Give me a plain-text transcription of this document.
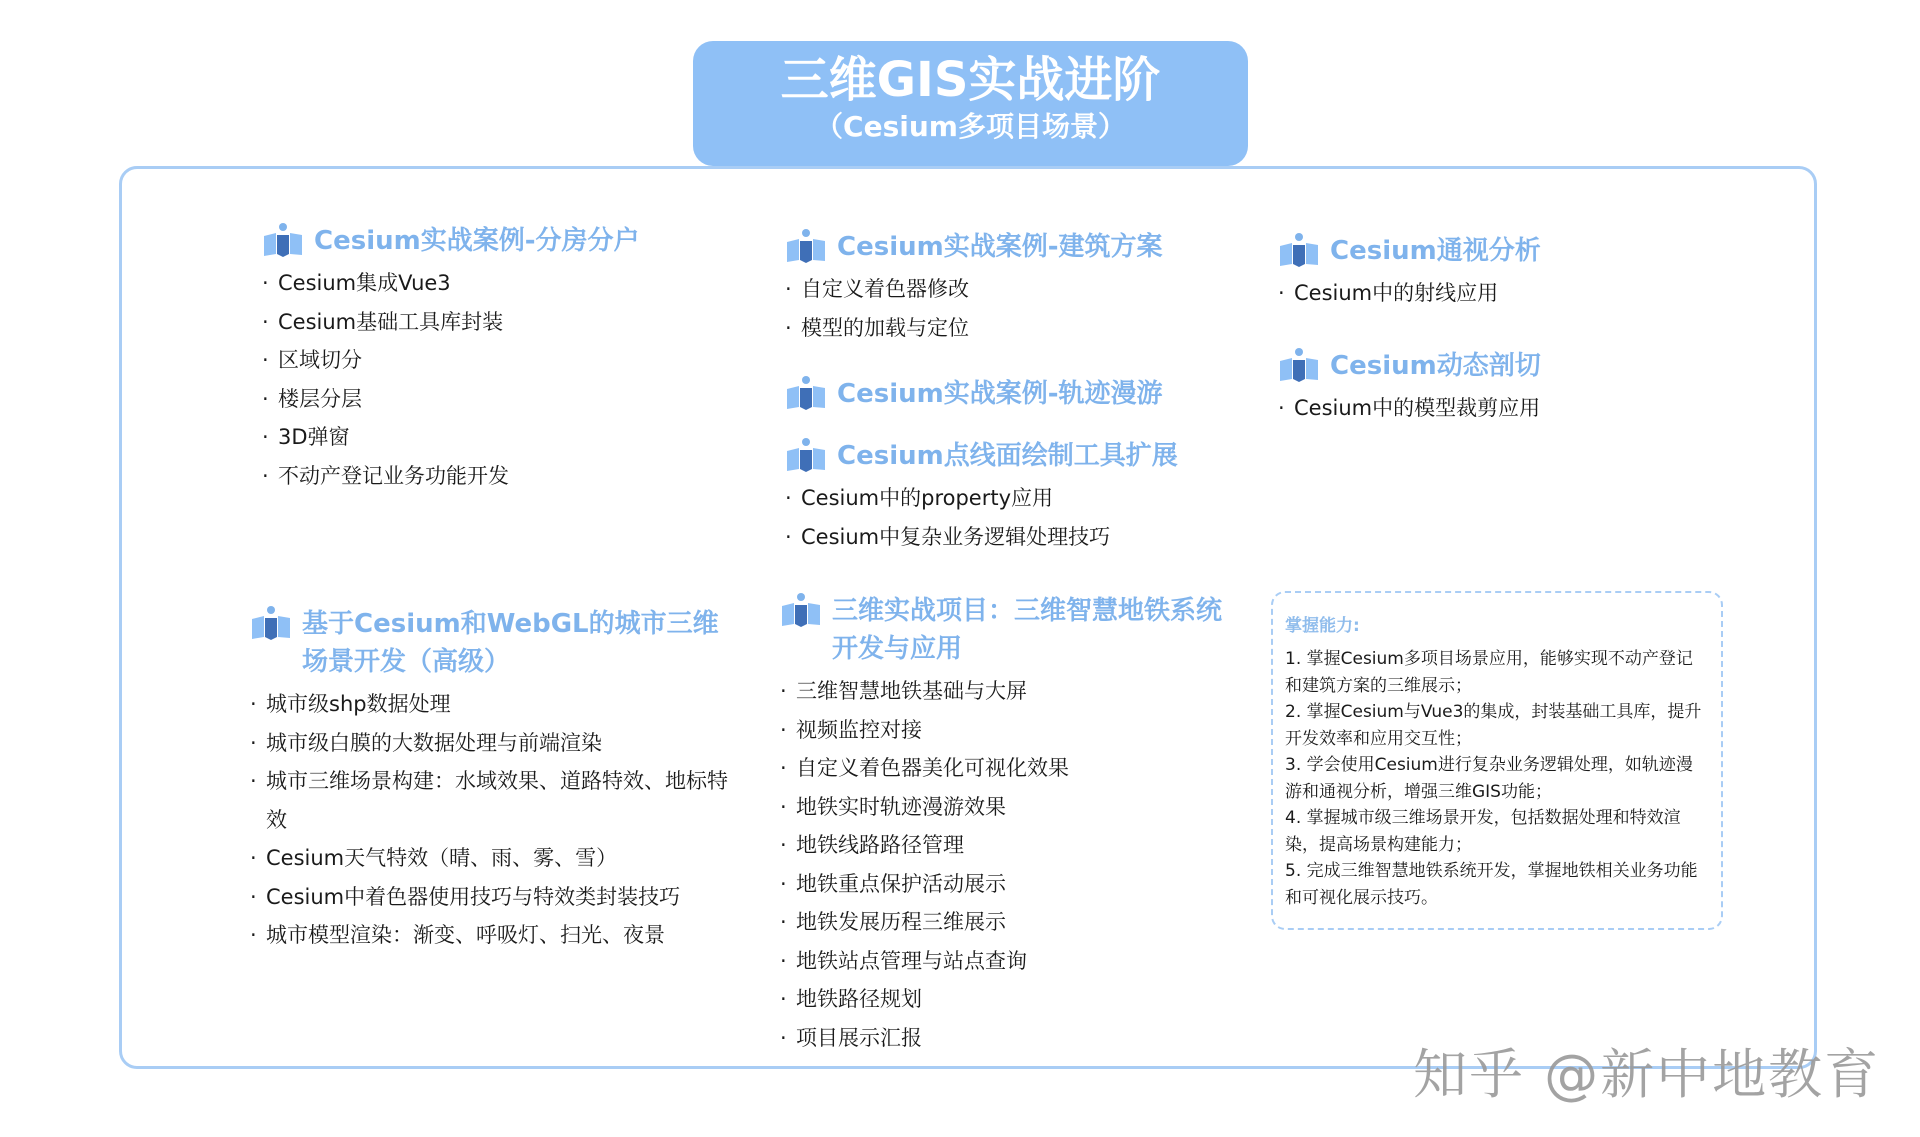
三维GIS实战进阶
（Cesium多项目场景）
Cesium实战案例-分房分户
· Cesium集成Vue3
· Cesium基础工具库封装
· 区域切分
· 楼层分层
· 3D弹窗
· 不动产登记业务功能开发
Cesium实战案例-建筑方案
· 自定义着色器修改
· 模型的加载与定位
Cesium实战案例-轨迹漫游
Cesium点线面绘制工具扩展
· Cesium中的property应用
· Cesium中复杂业务逻辑处理技巧
Cesium通视分析
· Cesium中的射线应用
Cesium动态剖切
· Cesium中的模型裁剪应用
基于Cesium和WebGL的城市三维场景开发（高级）
· 城市级shp数据处理
· 城市级白膜的大数据处理与前端渲染
· 城市三维场景构建：水域效果、道路特效、地标特效
· Cesium天气特效（晴、雨、雾、雪）
· Cesium中着色器使用技巧与特效类封装技巧
· 城市模型渲染：渐变、呼吸灯、扫光、夜景
三维实战项目：三维智慧地铁系统开发与应用
· 三维智慧地铁基础与大屏
· 视频监控对接
· 自定义着色器美化可视化效果
· 地铁实时轨迹漫游效果
· 地铁线路路径管理
· 地铁重点保护活动展示
· 地铁发展历程三维展示
· 地铁站点管理与站点查询
· 地铁路径规划
· 项目展示汇报
掌握能力:
1. 掌握Cesium多项目场景应用，能够实现不动产登记和建筑方案的三维展示；
2. 掌握Cesium与Vue3的集成，封装基础工具库，提升开发效率和应用交互性；
3. 学会使用Cesium进行复杂业务逻辑处理，如轨迹漫游和通视分析，增强三维GIS功能；
4. 掌握城市级三维场景开发，包括数据处理和特效渲染，提高场景构建能力；
5. 完成三维智慧地铁系统开发，掌握地铁相关业务功能和可视化展示技巧。
知乎 @新中地教育
